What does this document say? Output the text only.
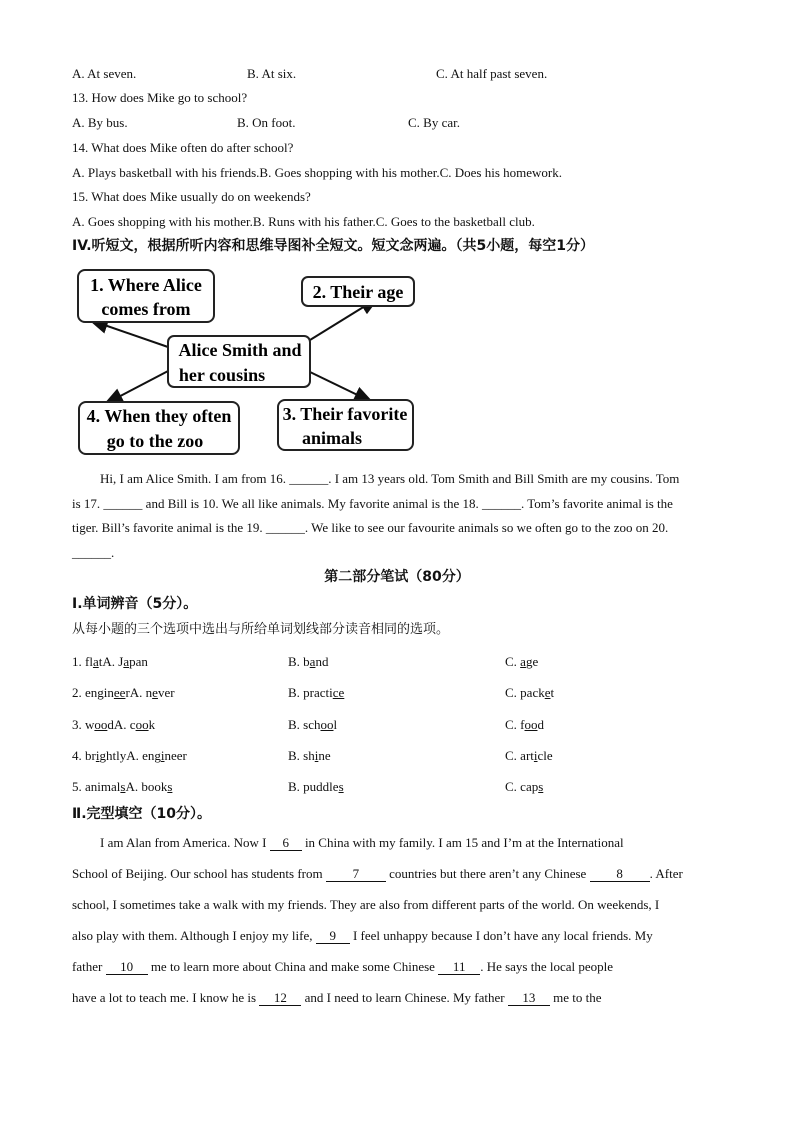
A. At seven.	B. At six.	C. At half past seven.
13. How does Mike go to school?
A. By bus.	B. On foot.	C. By car.
14. What does Mike often do after school?
A. Plays basketball with his friends.B. Goes shopping with his mother.C. Does his homework.
15. What does Mike usually do on weekends?
A. Goes shopping with his mother.B. Runs with his father.C. Goes to the basketball club.
IV.听短文，根据所听内容和思维导图补全短文。短文念两遍。（共5小题，每空1分）
1. Where Alice
comes from
2. Their age
Alice Smith and
her cousins
4. When they often
go to the zoo
3. Their favorite
animals
Hi, I am Alice Smith. I am from 16. ______. I am 13 years old. Tom Smith and Bill Smith are my cousins. Tom
is 17. ______ and Bill is 10. We all like animals. My favorite animal is the 18. ______. Tom’s favorite animal is the
tiger. Bill’s favorite animal is the 19. ______. We like to see our favourite animals so we often go to the zoo on 20.
______.
第二部分笔试（80分）
Ⅰ.单词辨音（5分）。
从每小题的三个选项中选出与所给单词划线部分读音相同的选项。
1. flatA. Japan	B. band	C. age
2. engineerA. never	B. practice	C. packet
3. woodA. cook	B. school	C. food
4. brightlyA. engineer	B. shine	C. article
5. animalsA. books	B. puddles	C. caps
Ⅱ.完型填空（10分）。
I am Alan from America. Now I 6 in China with my family. I am 15 and I’m at the International
School of Beijing. Our school has students from 7 countries but there aren’t any Chinese 8 . After
school, I sometimes take a walk with my friends. They are also from different parts of the world. On weekends, I
also play with them. Although I enjoy my life, 9 I feel unhappy because I don’t have any local friends. My
father 10 me to learn more about China and make some Chinese 11 . He says the local people
have a lot to teach me. I know he is 12 and I need to learn Chinese. My father 13 me to the
